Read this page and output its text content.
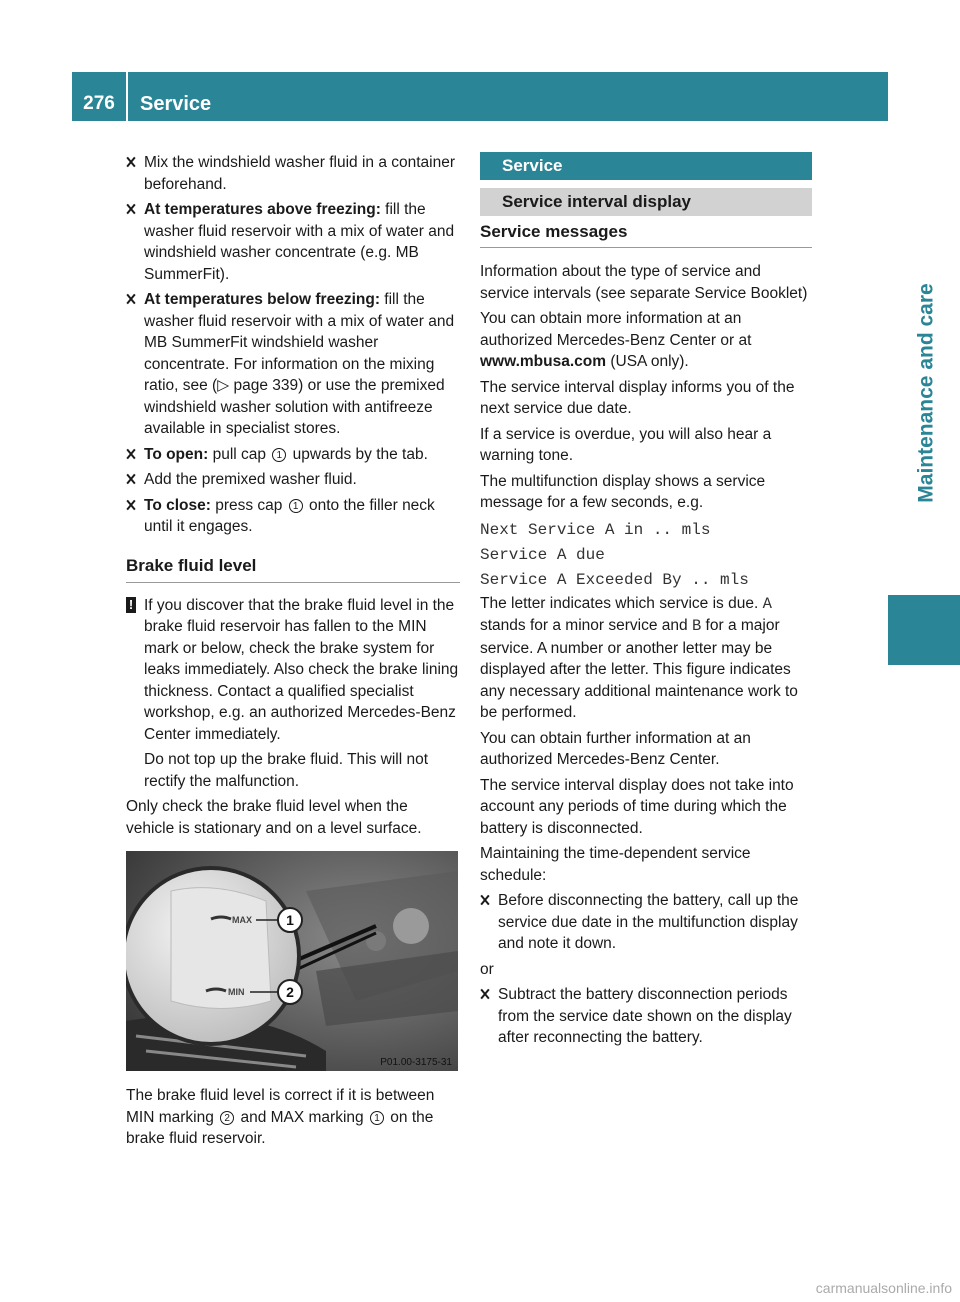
276	Service
Maintenance and care
Mix the windshield washer fluid in a container beforehand.
At temperatures above freezing: fill the washer fluid reservoir with a mix of water and windshield washer concentrate (e.g. MB SummerFit).
At temperatures below freezing: fill the washer fluid reservoir with a mix of water and MB SummerFit windshield washer concentrate. For information on the mixing ratio, see (▷ page 339) or use the premixed windshield washer solution with antifreeze available in specialist stores.
To open: pull cap 1 upwards by the tab.
Add the premixed washer fluid.
To close: press cap 1 onto the filler neck until it engages.
Brake fluid level
! If you discover that the brake fluid level in the brake fluid reservoir has fallen to the MIN mark or below, check the brake system for leaks immediately. Also check the brake lining thickness. Contact a qualified specialist workshop, e.g. an authorized Mercedes-Benz Center immediately.
Do not top up the brake fluid. This will not rectify the malfunction.
Only check the brake fluid level when the vehicle is stationary and on a level surface.
MAX
MIN
1
2
P01.00-3175-31
The brake fluid level is correct if it is between MIN marking 2 and MAX marking 1 on the brake fluid reservoir.
Service
Service interval display
Service messages
Information about the type of service and service intervals (see separate Service Booklet)
You can obtain more information at an authorized Mercedes-Benz Center or at www.mbusa.com (USA only).
The service interval display informs you of the next service due date.
If a service is overdue, you will also hear a warning tone.
The multifunction display shows a service message for a few seconds, e.g.
Next Service A in .. mls
Service A due
Service A Exceeded By .. mls
The letter indicates which service is due. A stands for a minor service and B for a major service. A number or another letter may be displayed after the letter. This figure indicates any necessary additional maintenance work to be performed.
You can obtain further information at an authorized Mercedes-Benz Center.
The service interval display does not take into account any periods of time during which the battery is disconnected.
Maintaining the time-dependent service schedule:
Before disconnecting the battery, call up the service due date in the multifunction display and note it down.
or
Subtract the battery disconnection periods from the service date shown on the display after reconnecting the battery.
carmanualsonline.info
